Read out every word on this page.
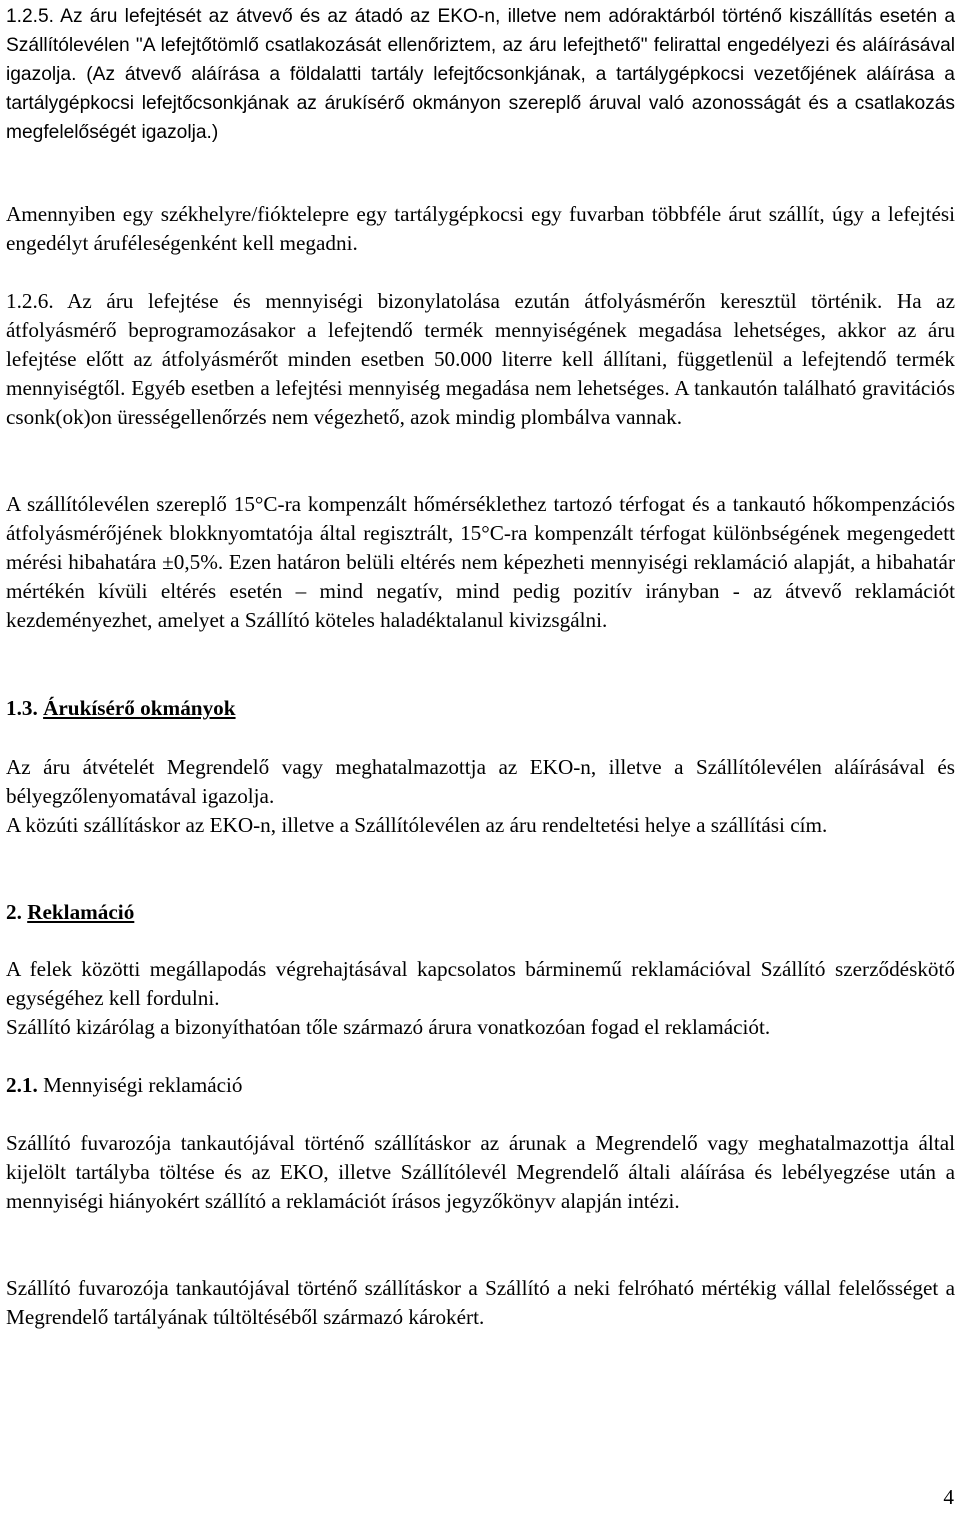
1.2.5. Az áru lefejtését az átvevő és az átadó az EKO-n, illetve nem adóraktárból történő kiszállítás esetén a Szállítólevélen "A lefejtőtömlő csatlakozását ellenőriztem, az áru lefejthető" felirattal engedélyezi és aláírásával igazolja. (Az átvevő aláírása a földalatti tartály lefejtőcsonkjának, a tartálygépkocsi vezetőjének aláírása a tartálygépkocsi lefejtőcsonkjának az árukísérő okmányon szereplő áruval való azonosságát és a csatlakozás megfelelőségét igazolja.)

Amennyiben egy székhelyre/fióktelepre egy tartálygépkocsi egy fuvarban többféle árut szállít, úgy a lefejtési engedélyt áruféleségenként kell megadni.

1.2.6. Az áru lefejtése és mennyiségi bizonylatolása ezután átfolyásmérőn keresztül történik. Ha az átfolyásmérő beprogramozásakor a lefejtendő termék mennyiségének megadása lehetséges, akkor az áru lefejtése előtt az átfolyásmérőt minden esetben 50.000 literre kell állítani, függetlenül a lefejtendő termék mennyiségtől. Egyéb esetben a lefejtési mennyiség megadása nem lehetséges. A tankautón található gravitációs csonk(ok)on ürességellenőrzés nem végezhető, azok mindig plombálva vannak.

A szállítólevélen szereplő 15°C-ra kompenzált hőmérséklethez tartozó térfogat és a tankautó hőkompenzációs átfolyásmérőjének blokknyomtatója által regisztrált, 15°C-ra kompenzált térfogat különbségének megengedett mérési hibahatára ±0,5%. Ezen határon belüli eltérés nem képezheti mennyiségi reklamáció alapját, a hibahatár mértékén kívüli eltérés esetén – mind negatív, mind pedig pozitív irányban - az átvevő reklamációt kezdeményezhet, amelyet a Szállító köteles haladéktalanul kivizsgálni.

1.3. Árukísérő okmányok

Az áru átvételét Megrendelő vagy meghatalmazottja az EKO-n, illetve a Szállítólevélen aláírásával és bélyegzőlenyomatával igazolja.

A közúti szállításkor az EKO-n, illetve a Szállítólevélen az áru rendeltetési helye a szállítási cím.

2. Reklamáció

A felek közötti megállapodás végrehajtásával kapcsolatos bárminemű reklamációval Szállító szerződéskötő egységéhez kell fordulni.

Szállító kizárólag a bizonyíthatóan tőle származó árura vonatkozóan fogad el reklamációt.

2.1. Mennyiségi reklamáció

Szállító fuvarozója tankautójával történő szállításkor az árunak a Megrendelő vagy meghatalmazottja által kijelölt tartályba töltése és az EKO, illetve Szállítólevél Megrendelő általi aláírása és lebélyegzése után a mennyiségi hiányokért szállító a reklamációt írásos jegyzőkönyv alapján intézi.

Szállító fuvarozója tankautójával történő szállításkor a Szállító a neki felróható mértékig vállal felelősséget a Megrendelő tartályának túltöltéséből származó károkért.

4
